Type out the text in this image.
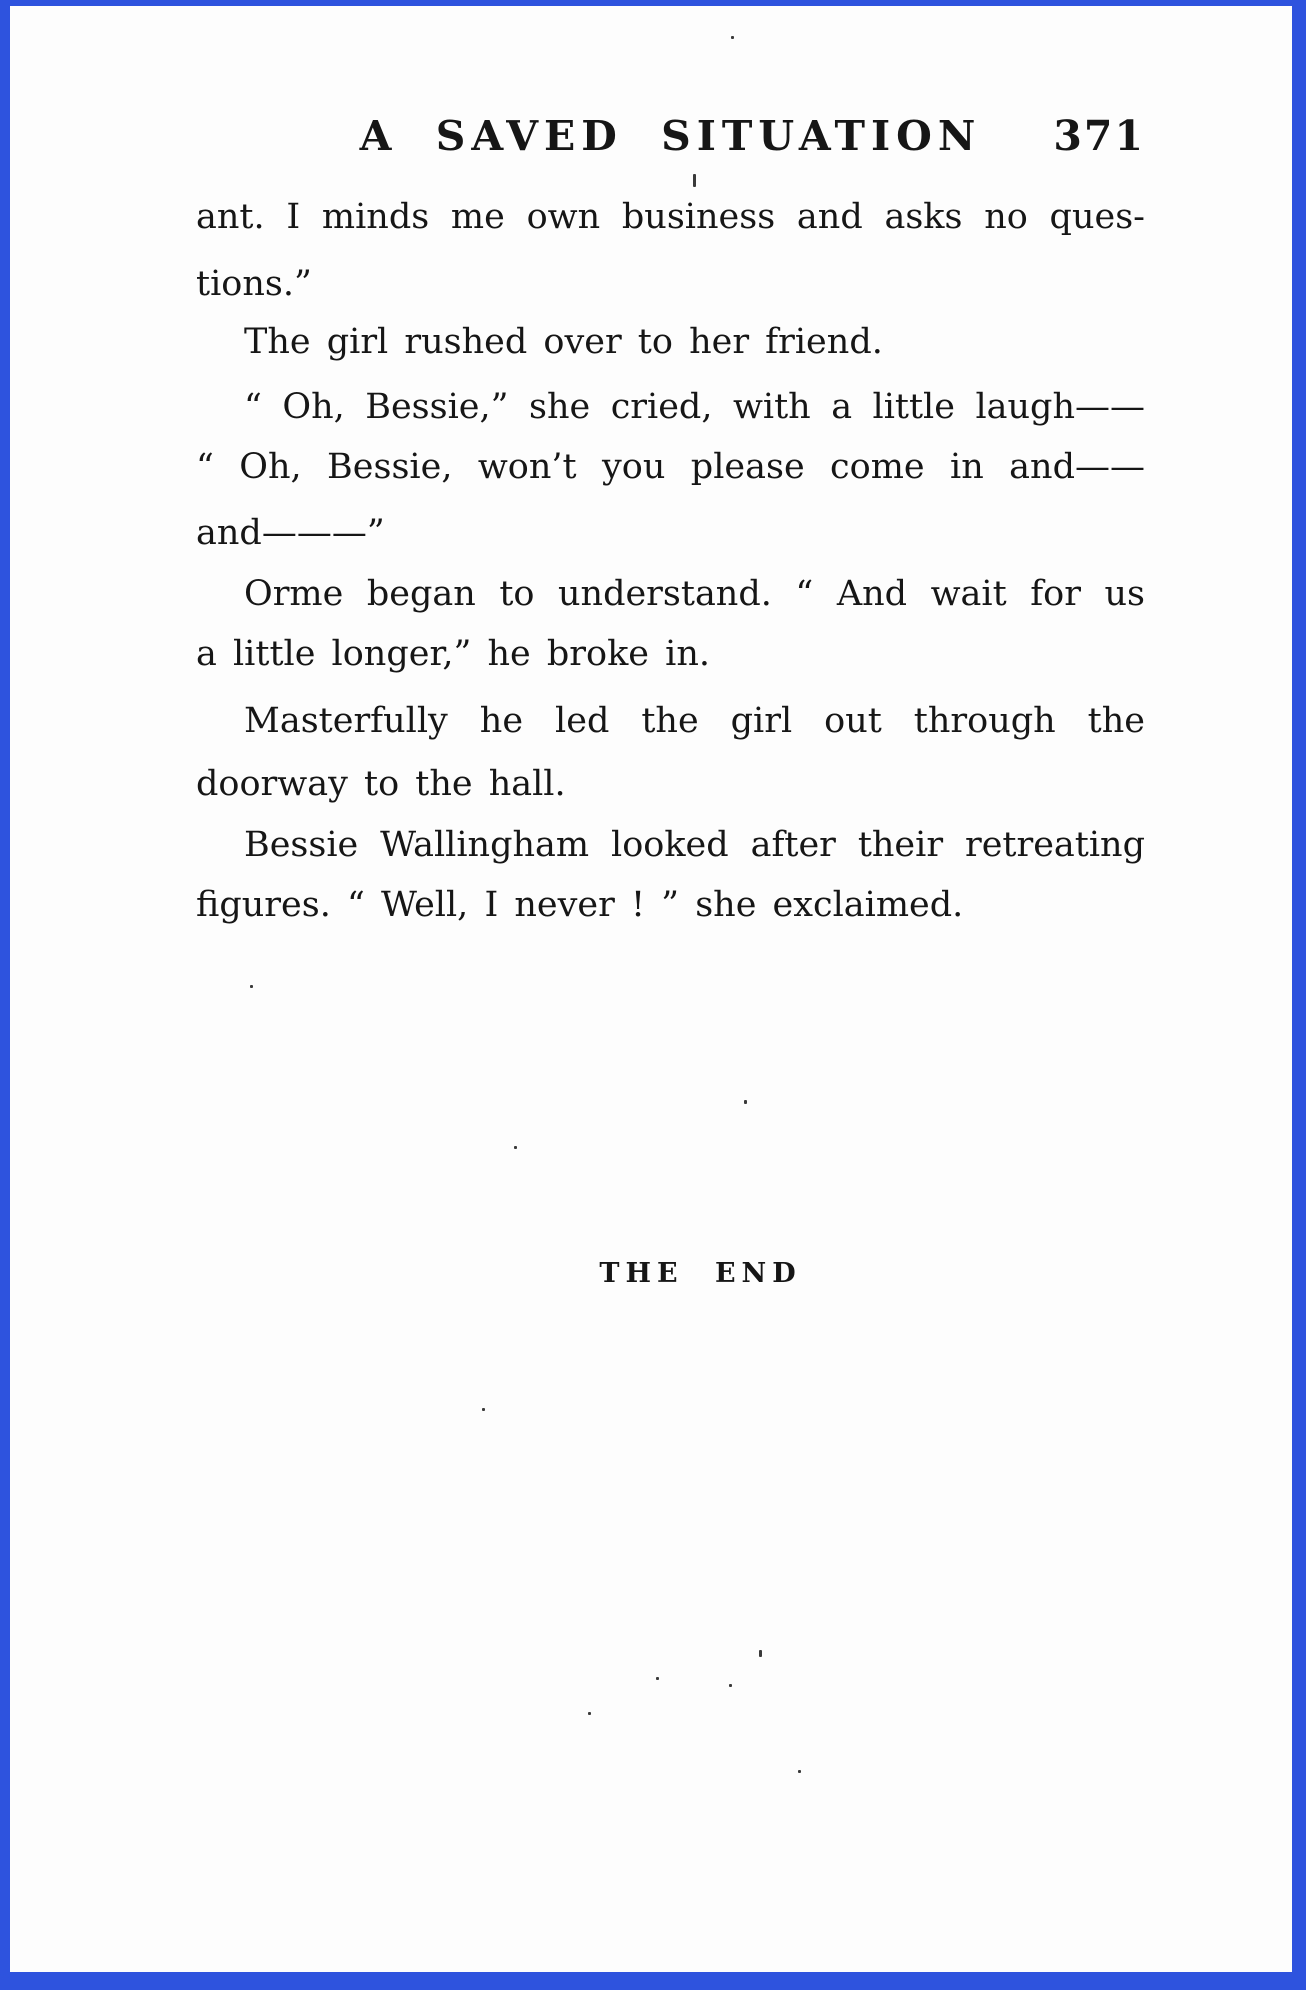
A SAVED SITUATION 371
ant. I minds me own business and asks no ques-
tions.”
The girl rushed over to her friend.
“ Oh, Bessie,” she cried, with a little laugh——
“ Oh, Bessie, won’t you please come in and——
and———”
Orme began to understand. “ And wait for us
a little longer,” he broke in.
Masterfully he led the girl out through the
doorway to the hall.
Bessie Wallingham looked after their retreating
figures. “ Well, I never ! ” she exclaimed.
THE END
